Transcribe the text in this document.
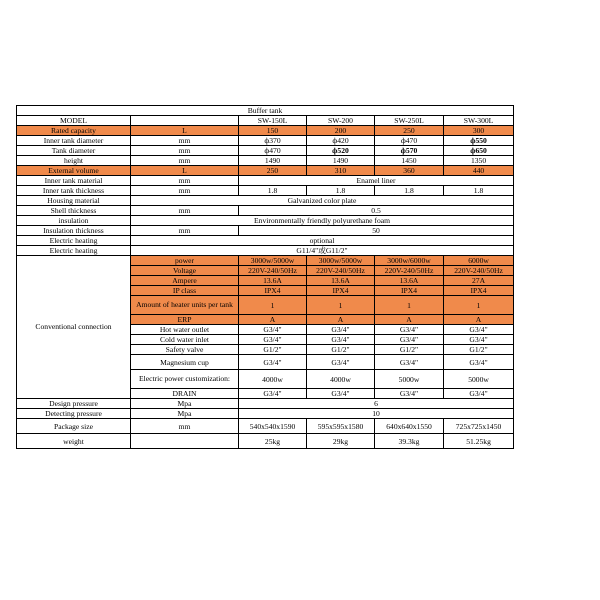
Buffer tank					
MODEL		SW-150L	SW-200	SW-250L	SW-300L
Rated capacity	L	150	200	250	300
Inner tank diameter	mm	ф370	ф420	ф470	ф550
Tank diameter	mm	ф470	ф520	ф570	ф650
height	mm	1490	1490	1450	1350
External volume	L	250	310	360	440
Inner tank material	mm	Enamel liner			
Inner tank thickness	mm	1.8	1.8	1.8	1.8
Housing material	Galvanized color plate				
Shell thickness	mm	0.5			
insulation	Environmentally friendly polyurethane foam				
Insulation thickness	mm	50			
Electric heating	optional				
Electric heating	G11/4"或G11/2"				
Conventional connection	power	3000w/5000w	3000w/5000w	3000w/6000w	6000w
	Voltage	220V-240/50Hz	220V-240/50Hz	220V-240/50Hz	220V-240/50Hz
	Ampere	13.6A	13.6A	13.6A	27A
	IP class	IPX4	IPX4	IPX4	IPX4
	Amount of heater units per tank	1	1	1	1
	ERP	A	A	A	A
	Hot water outlet	G3/4"	G3/4"	G3/4"	G3/4"
	Cold water inlet	G3/4"	G3/4"	G3/4"	G3/4"
	Safety valve	G1/2"	G1/2"	G1/2"	G1/2"
	Magnesium cup	G3/4"	G3/4"	G3/4"	G3/4"
	Electric power customization:	4000w	4000w	5000w	5000w
	DRAIN	G3/4"	G3/4"	G3/4"	G3/4"
Design pressure	Mpa	6			
Detecting pressure	Mpa	10			
Package size	mm	540x540x1590	595x595x1580	640x640x1550	725x725x1450
weight		25kg	29kg	39.3kg	51.25kg
